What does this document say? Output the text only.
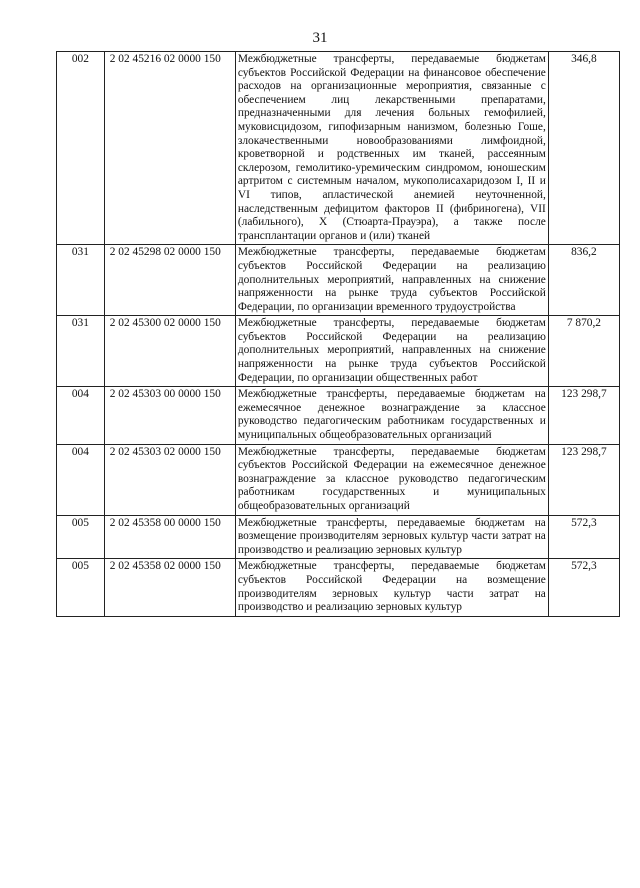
31
002	2 02 45216 02 0000 150	Межбюджетные трансферты, передаваемые бюджетам субъектов Российской Федерации на финансовое обеспечение расходов на организационные мероприятия, связанные с обеспечением лиц лекарственными препаратами, предназначенными для лечения больных гемофилией, муковисцидозом, гипофизарным нанизмом, болезнью Гоше, злокачественными новообразованиями лимфоидной, кроветворной и родственных им тканей, рассеянным склерозом, гемолитико-уремическим синдромом, юношеским артритом с системным началом, мукополисахаридозом I, II и VI типов, апластической анемией неуточненной, наследственным дефицитом факторов II (фибриногена), VII (лабильного), X (Стюарта-Прауэра), а также после трансплантации органов и (или) тканей	346,8
031	2 02 45298 02 0000 150	Межбюджетные трансферты, передаваемые бюджетам субъектов Российской Федерации на реализацию дополнительных мероприятий, направленных на снижение напряженности на рынке труда субъектов Российской Федерации, по организации временного трудоустройства	836,2
031	2 02 45300 02 0000 150	Межбюджетные трансферты, передаваемые бюджетам субъектов Российской Федерации на реализацию дополнительных мероприятий, направленных на снижение напряженности на рынке труда субъектов Российской Федерации, по организации общественных работ	7 870,2
004	2 02 45303 00 0000 150	Межбюджетные трансферты, передаваемые бюджетам на ежемесячное денежное вознаграждение за классное руководство педагогическим работникам государственных и муниципальных общеобразовательных организаций	123 298,7
004	2 02 45303 02 0000 150	Межбюджетные трансферты, передаваемые бюджетам субъектов Российской Федерации на ежемесячное денежное вознаграждение за классное руководство педагогическим работникам государственных и муниципальных общеобразовательных организаций	123 298,7
005	2 02 45358 00 0000 150	Межбюджетные трансферты, передаваемые бюджетам на возмещение производителям зерновых культур части затрат на производство и реализацию зерновых культур	572,3
005	2 02 45358 02 0000 150	Межбюджетные трансферты, передаваемые бюджетам субъектов Российской Федерации на возмещение производителям зерновых культур части затрат на производство и реализацию зерновых культур	572,3
